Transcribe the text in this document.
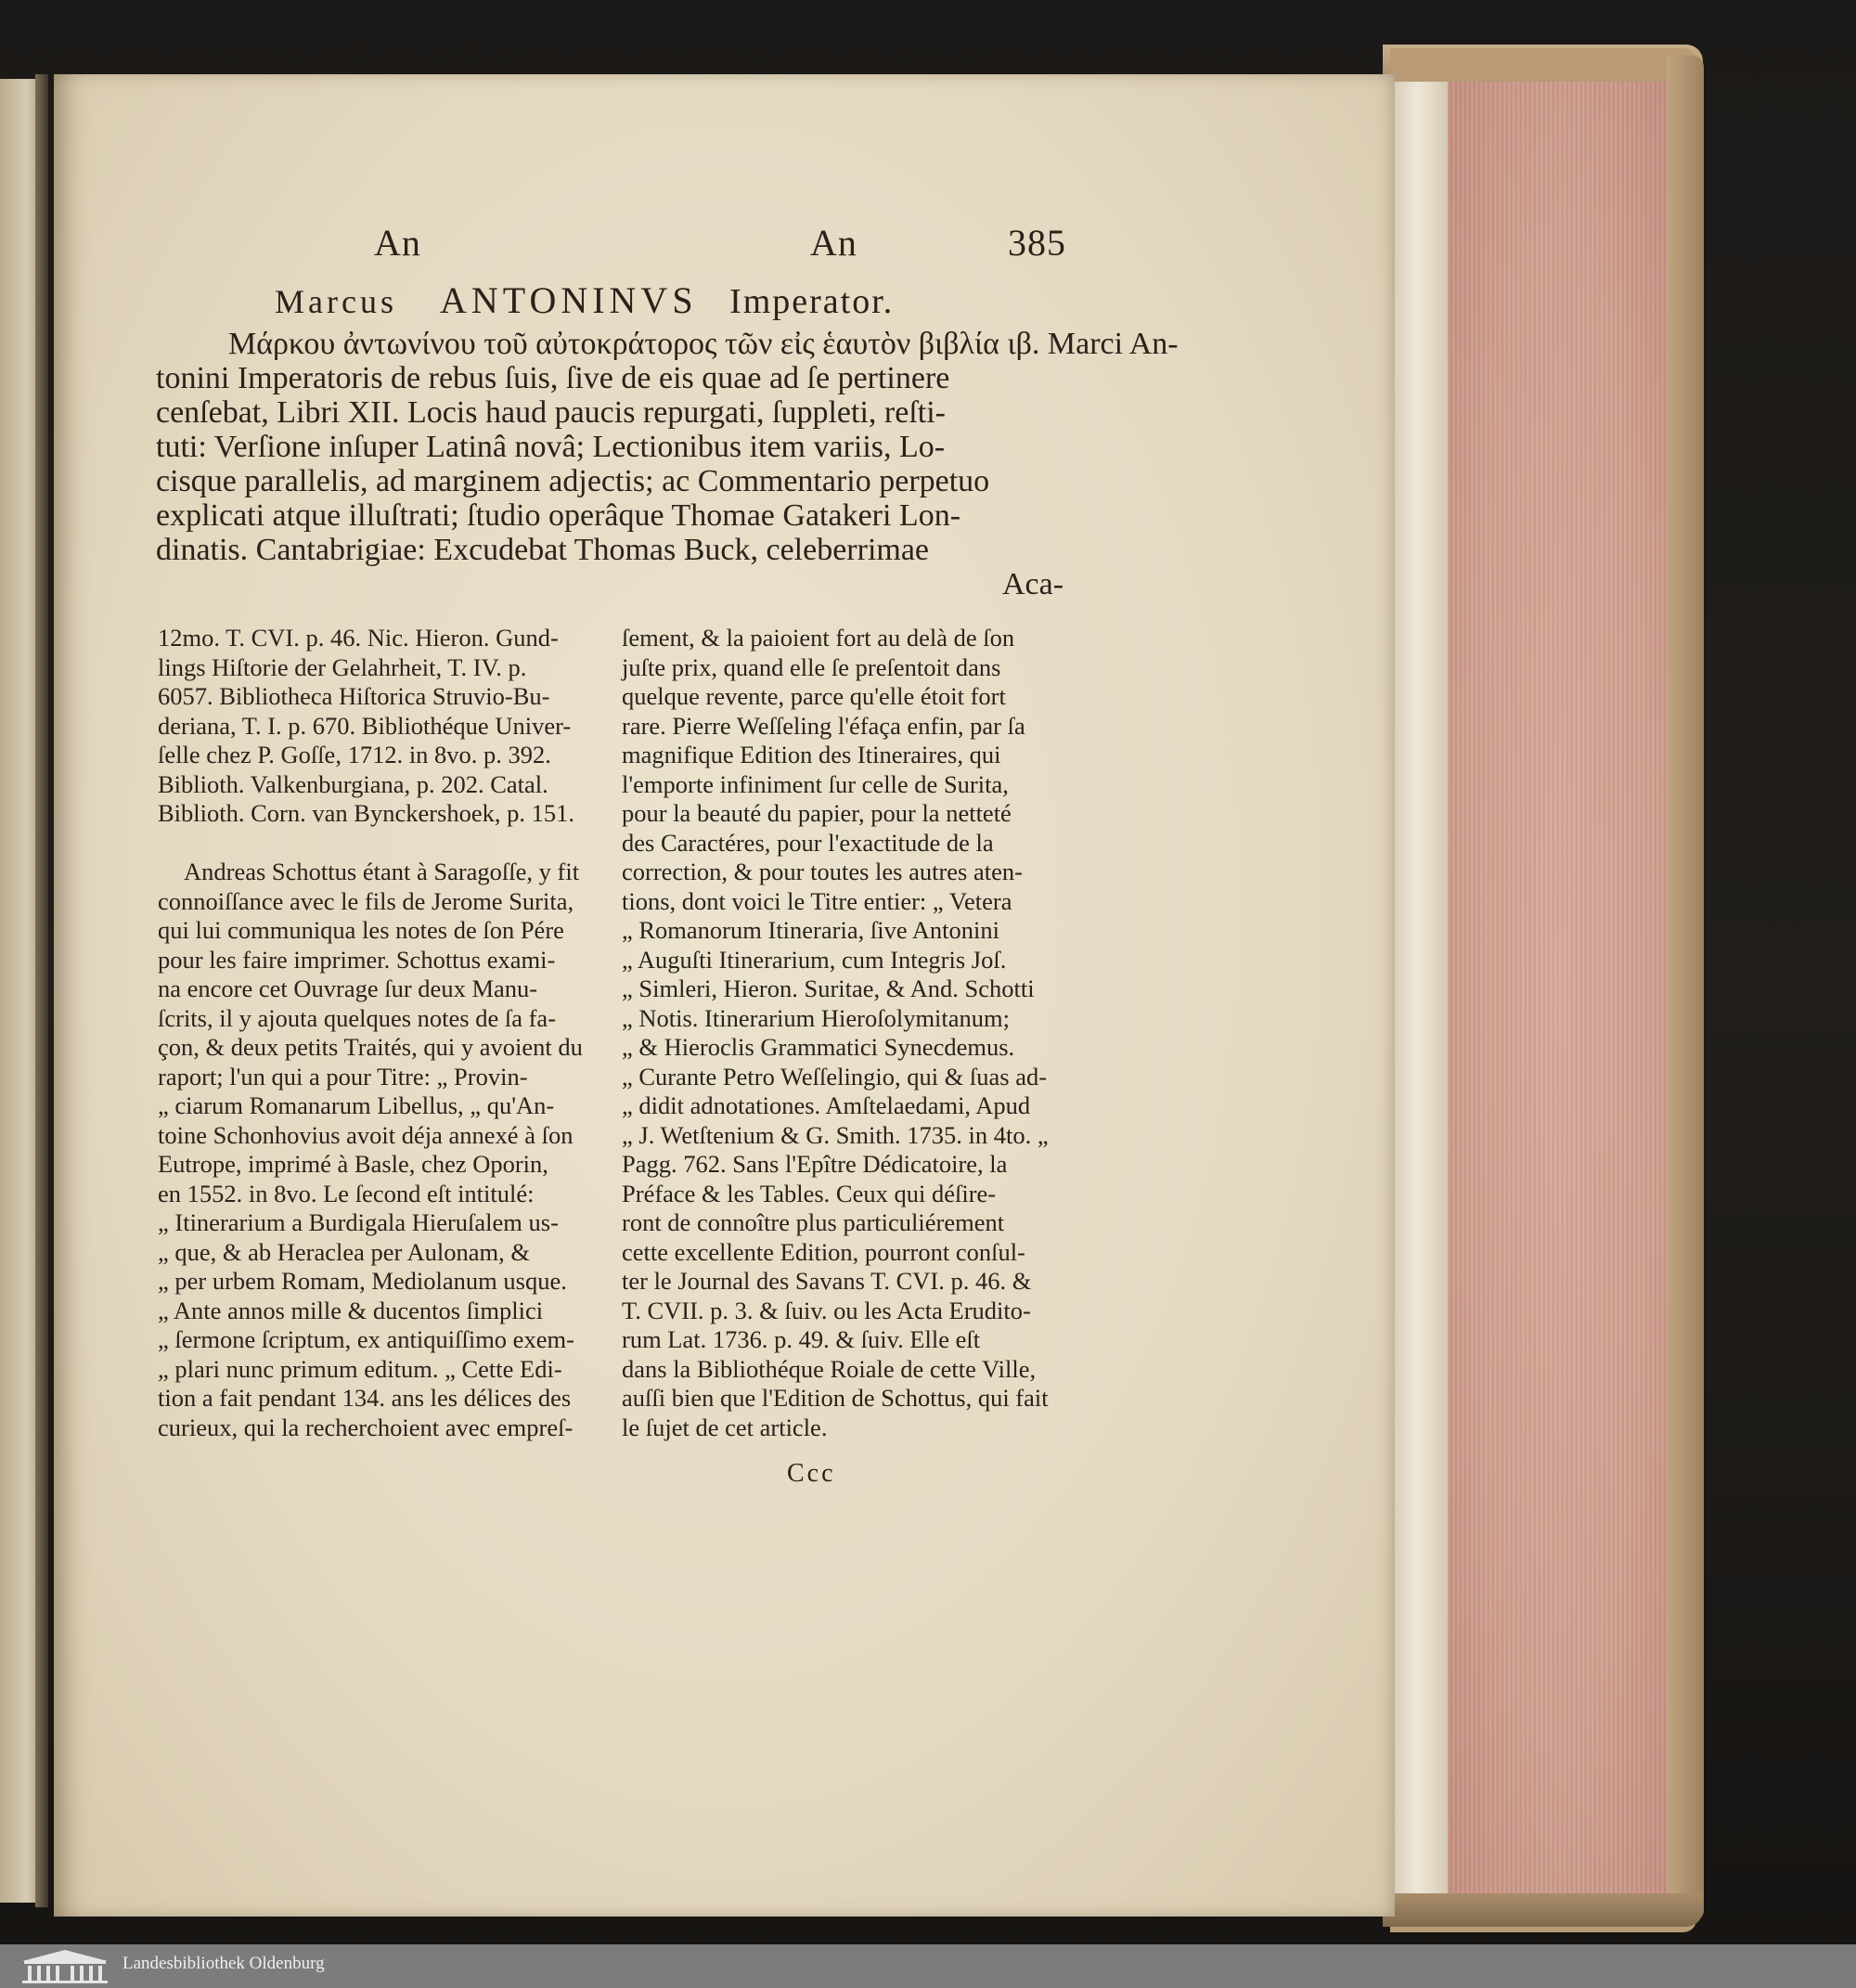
An	An	385
Marcus ANTONINVS Imperator.
Μάρκου ἀντωνίνου τοῦ αὐτοκράτορος τῶν εἰς ἑαυτὸν βιβλία ιβ. Marci An-
tonini Imperatoris de rebus ſuis, ſive de eis quae ad ſe pertinere
cenſebat, Libri XII. Locis haud paucis repurgati, ſuppleti, reſti-
tuti: Verſione inſuper Latinâ novâ; Lectionibus item variis, Lo-
cisque parallelis, ad marginem adjectis; ac Commentario perpetuo
explicati atque illuſtrati; ſtudio operâque Thomae Gatakeri Lon-
dinatis. Cantabrigiae: Excudebat Thomas Buck, celeberrimae
Aca-
12mo. T. CVI. p. 46. Nic. Hieron. Gund-
lings Hiſtorie der Gelahrheit, T. IV. p.
6057. Bibliotheca Hiſtorica Struvio-Bu-
deriana, T. I. p. 670. Bibliothéque Univer-
ſelle chez P. Goſſe, 1712. in 8vo. p. 392.
Biblioth. Valkenburgiana, p. 202. Catal.
Biblioth. Corn. van Bynckershoek, p. 151.
Andreas Schottus étant à Saragoſſe, y fit
connoiſſance avec le fils de Jerome Surita,
qui lui communiqua les notes de ſon Pére
pour les faire imprimer. Schottus exami-
na encore cet Ouvrage ſur deux Manu-
ſcrits, il y ajouta quelques notes de ſa fa-
çon, & deux petits Traités, qui y avoient du
raport; l'un qui a pour Titre: „ Provin-
„ ciarum Romanarum Libellus, „ qu'An-
toine Schonhovius avoit déja annexé à ſon
Eutrope, imprimé à Basle, chez Oporin,
en 1552. in 8vo. Le ſecond eſt intitulé:
„ Itinerarium a Burdigala Hieruſalem us-
„ que, & ab Heraclea per Aulonam, &
„ per urbem Romam, Mediolanum usque.
„ Ante annos mille & ducentos ſimplici
„ ſermone ſcriptum, ex antiquiſſimo exem-
„ plari nunc primum editum. „ Cette Edi-
tion a fait pendant 134. ans les délices des
curieux, qui la recherchoient avec empreſ-
ſement, & la paioient fort au delà de ſon
juſte prix, quand elle ſe preſentoit dans
quelque revente, parce qu'elle étoit fort
rare. Pierre Weſſeling l'éfaça enfin, par ſa
magnifique Edition des Itineraires, qui
l'emporte infiniment ſur celle de Surita,
pour la beauté du papier, pour la netteté
des Caractéres, pour l'exactitude de la
correction, & pour toutes les autres aten-
tions, dont voici le Titre entier: „ Vetera
„ Romanorum Itineraria, ſive Antonini
„ Auguſti Itinerarium, cum Integris Joſ.
„ Simleri, Hieron. Suritae, & And. Schotti
„ Notis. Itinerarium Hieroſolymitanum;
„ & Hieroclis Grammatici Synecdemus.
„ Curante Petro Weſſelingio, qui & ſuas ad-
„ didit adnotationes. Amſtelaedami, Apud
„ J. Wetſtenium & G. Smith. 1735. in 4to. „
Pagg. 762. Sans l'Epître Dédicatoire, la
Préface & les Tables. Ceux qui déſire-
ront de connoître plus particuliérement
cette excellente Edition, pourront conſul-
ter le Journal des Savans T. CVI. p. 46. &
T. CVII. p. 3. & ſuiv. ou les Acta Erudito-
rum Lat. 1736. p. 49. & ſuiv. Elle eſt
dans la Bibliothéque Roiale de cette Ville,
auſſi bien que l'Edition de Schottus, qui fait
le ſujet de cet article.
Ccc
Landesbibliothek Oldenburg
